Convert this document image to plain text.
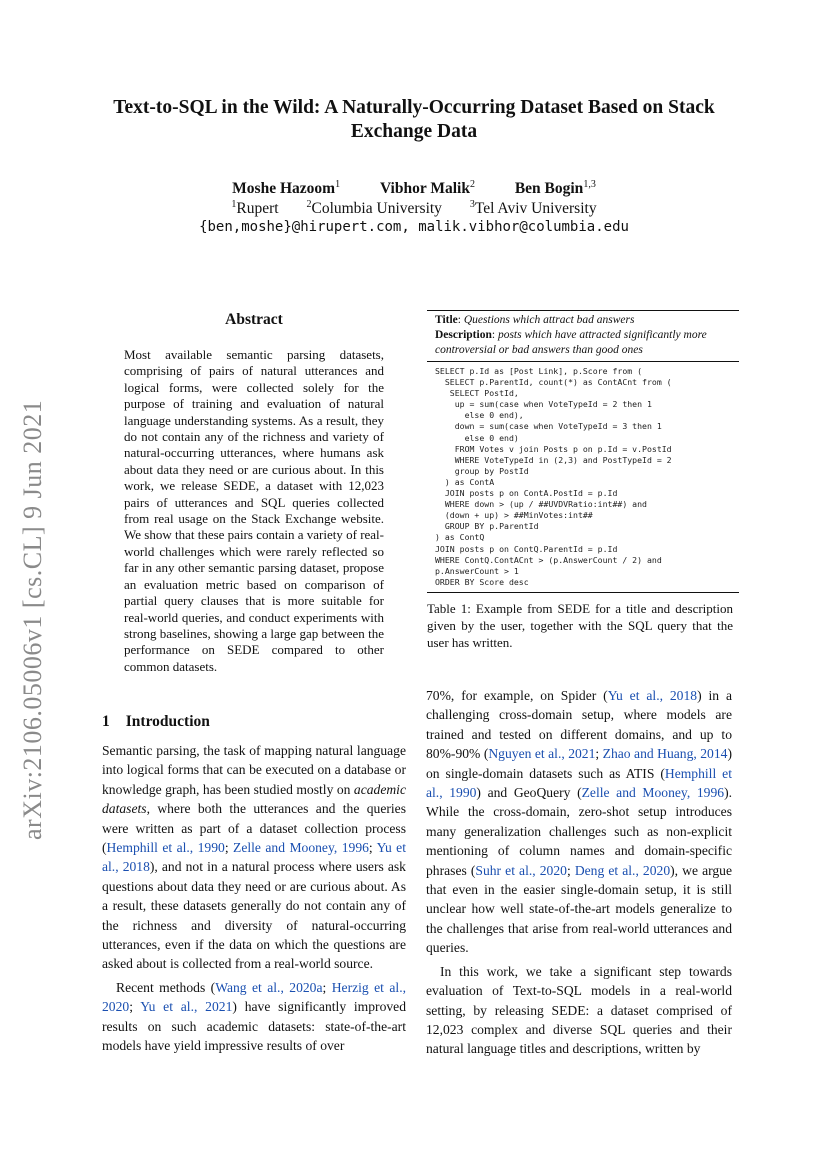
arXiv:2106.05006v1 [cs.CL] 9 Jun 2021
Text-to-SQL in the Wild: A Naturally-Occurring Dataset Based on Stack Exchange Data
Moshe Hazoom$^1$	Vibhor Malik$^2$	Ben Bogin$^{1,3}$
$^1$Rupert	$^2$Columbia University	$^3$Tel Aviv University
{ben,moshe}@hirupert.com, malik.vibhor@columbia.edu
Abstract
Most available semantic parsing datasets, comprising of pairs of natural utterances and logical forms, were collected solely for the purpose of training and evaluation of natural language understanding systems. As a result, they do not contain any of the richness and variety of natural-occurring utterances, where humans ask about data they need or are curious about. In this work, we release SEDE, a dataset with 12,023 pairs of utterances and SQL queries collected from real usage on the Stack Exchange website. We show that these pairs contain a variety of real-world challenges which were rarely reflected so far in any other semantic parsing dataset, propose an evaluation metric based on comparison of partial query clauses that is more suitable for real-world queries, and conduct experiments with strong baselines, showing a large gap between the performance on SEDE compared to other common datasets.
1 Introduction

Semantic parsing, the task of mapping natural language into logical forms that can be executed on a database or knowledge graph, has been studied mostly on academic datasets, where both the utterances and the queries were written as part of a dataset collection process (Hemphill et al., 1990; Zelle and Mooney, 1996; Yu et al., 2018), and not in a natural process where users ask questions about data they need or are curious about. As a result, these datasets generally do not contain any of the richness and diversity of natural-occurring utterances, even if the data on which the questions are asked about is collected from a real-world source.

Recent methods (Wang et al., 2020a; Herzig et al., 2020; Yu et al., 2021) have significantly improved results on such academic datasets: state-of-the-art models have yield impressive results of over

Title: Questions which attract bad answers
Description: posts which have attracted significantly more controversial or bad answers than good ones
SELECT p.Id as [Post Link], p.Score from (
SELECT p.ParentId, count(*) as ContACnt from (
SELECT PostId,
up = sum(case when VoteTypeId = 2 then 1
else 0 end),
down = sum(case when VoteTypeId = 3 then 1
else 0 end)
FROM Votes v join Posts p on p.Id = v.PostId
WHERE VoteTypeId in (2,3) and PostTypeId = 2
group by PostId
) as ContA
JOIN posts p on ContA.PostId = p.Id
WHERE down > (up / ##UVDVRatio:int##) and
(down + up) > ##MinVotes:int##
GROUP BY p.ParentId
) as ContQ
JOIN posts p on ContQ.ParentId = p.Id
WHERE ContQ.ContACnt > (p.AnswerCount / 2) and
p.AnswerCount > 1
ORDER BY Score desc
Table 1: Example from SEDE for a title and description given by the user, together with the SQL query that the user has written.

70%, for example, on Spider (Yu et al., 2018) in a challenging cross-domain setup, where models are trained and tested on different domains, and up to 80%-90% (Nguyen et al., 2021; Zhao and Huang, 2014) on single-domain datasets such as ATIS (Hemphill et al., 1990) and GeoQuery (Zelle and Mooney, 1996). While the cross-domain, zero-shot setup introduces many generalization challenges such as non-explicit mentioning of column names and domain-specific phrases (Suhr et al., 2020; Deng et al., 2020), we argue that even in the easier single-domain setup, it is still unclear how well state-of-the-art models generalize to the challenges that arise from real-world utterances and queries.

In this work, we take a significant step towards evaluation of Text-to-SQL models in a real-world setting, by releasing SEDE: a dataset comprised of 12,023 complex and diverse SQL queries and their natural language titles and descriptions, written by
